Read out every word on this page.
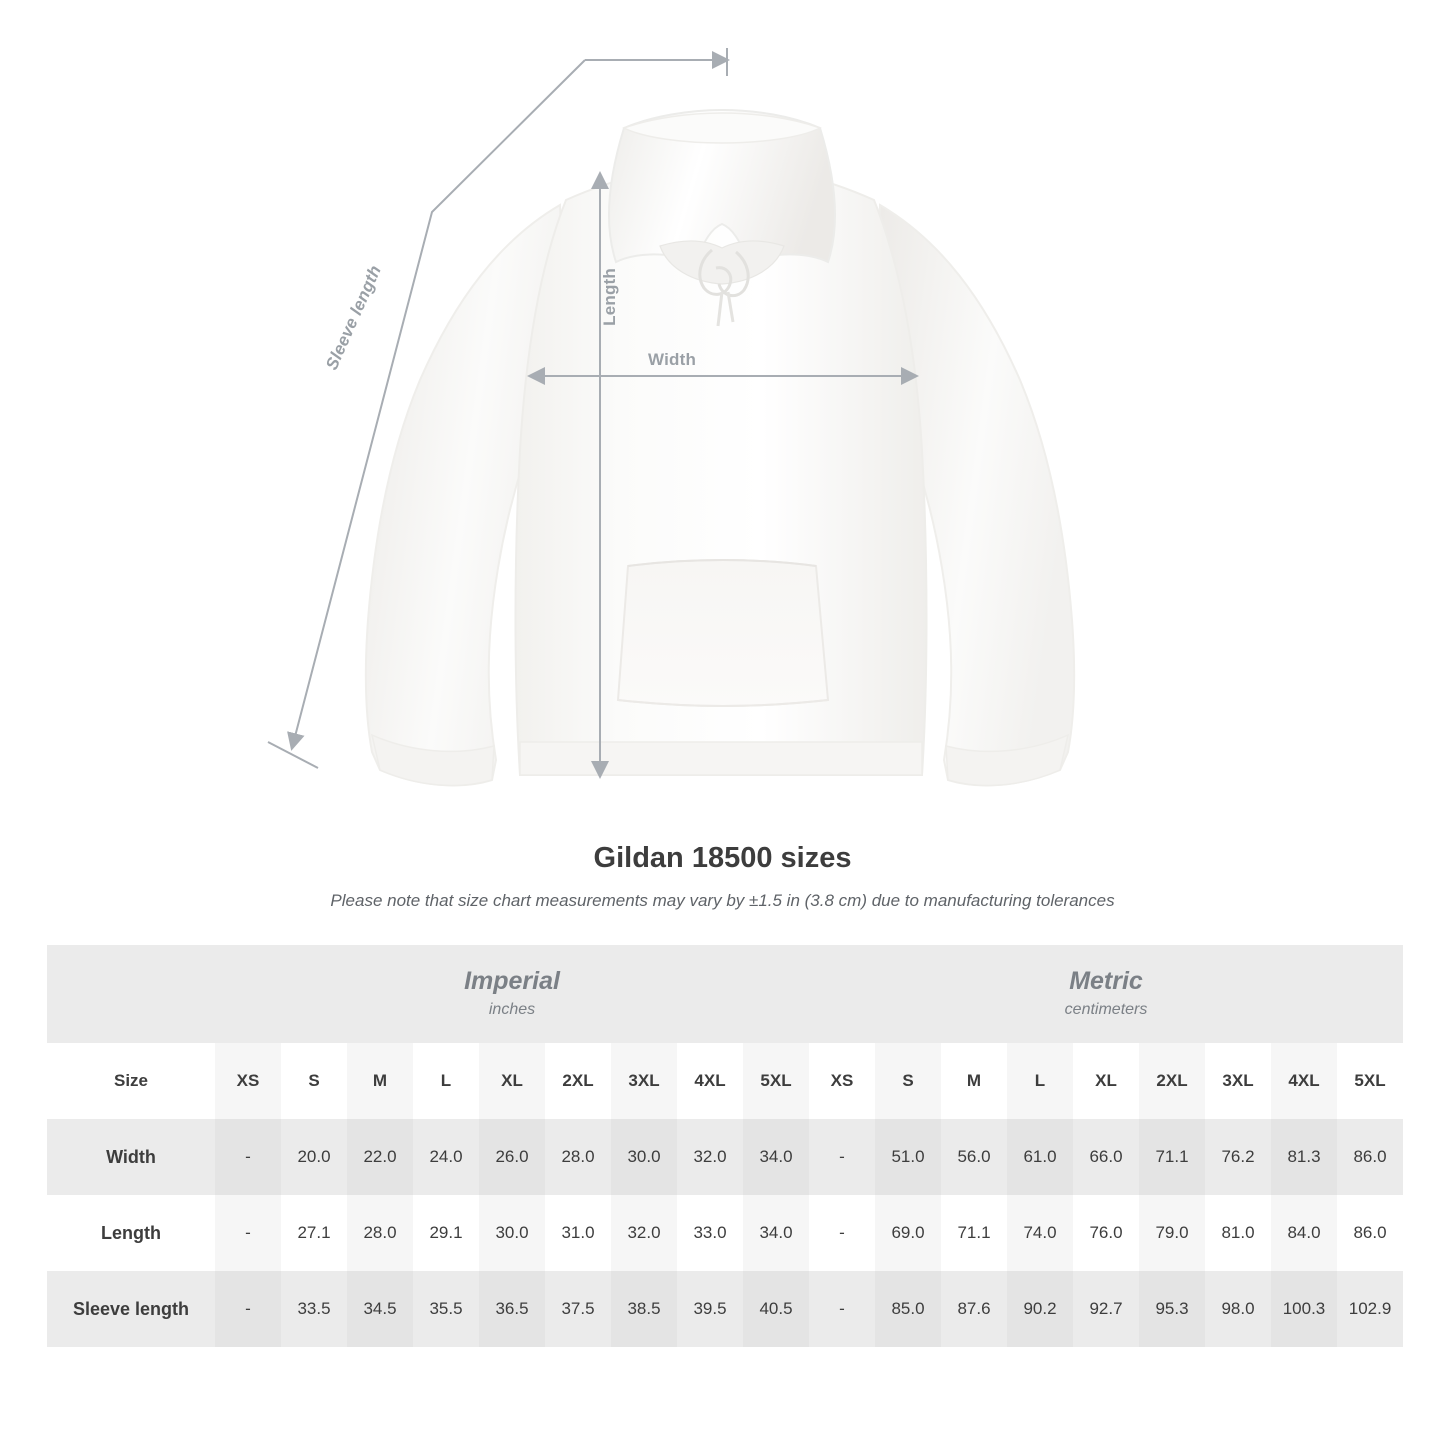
Width
Length
Sleeve length
Gildan 18500 sizes

Please note that size chart measurements may vary by ±1.5 in (3.8 cm) due to manufacturing tolerances

Imperial
inches

Metric
centimeters

Size	XS	S	M	L	XL	2XL	3XL	4XL	5XL	XS	S	M	L	XL	2XL	3XL	4XL	5XL
Width	-	20.0	22.0	24.0	26.0	28.0	30.0	32.0	34.0	-	51.0	56.0	61.0	66.0	71.1	76.2	81.3	86.0
Length	-	27.1	28.0	29.1	30.0	31.0	32.0	33.0	34.0	-	69.0	71.1	74.0	76.0	79.0	81.0	84.0	86.0
Sleeve length	-	33.5	34.5	35.5	36.5	37.5	38.5	39.5	40.5	-	85.0	87.6	90.2	92.7	95.3	98.0	100.3	102.9
